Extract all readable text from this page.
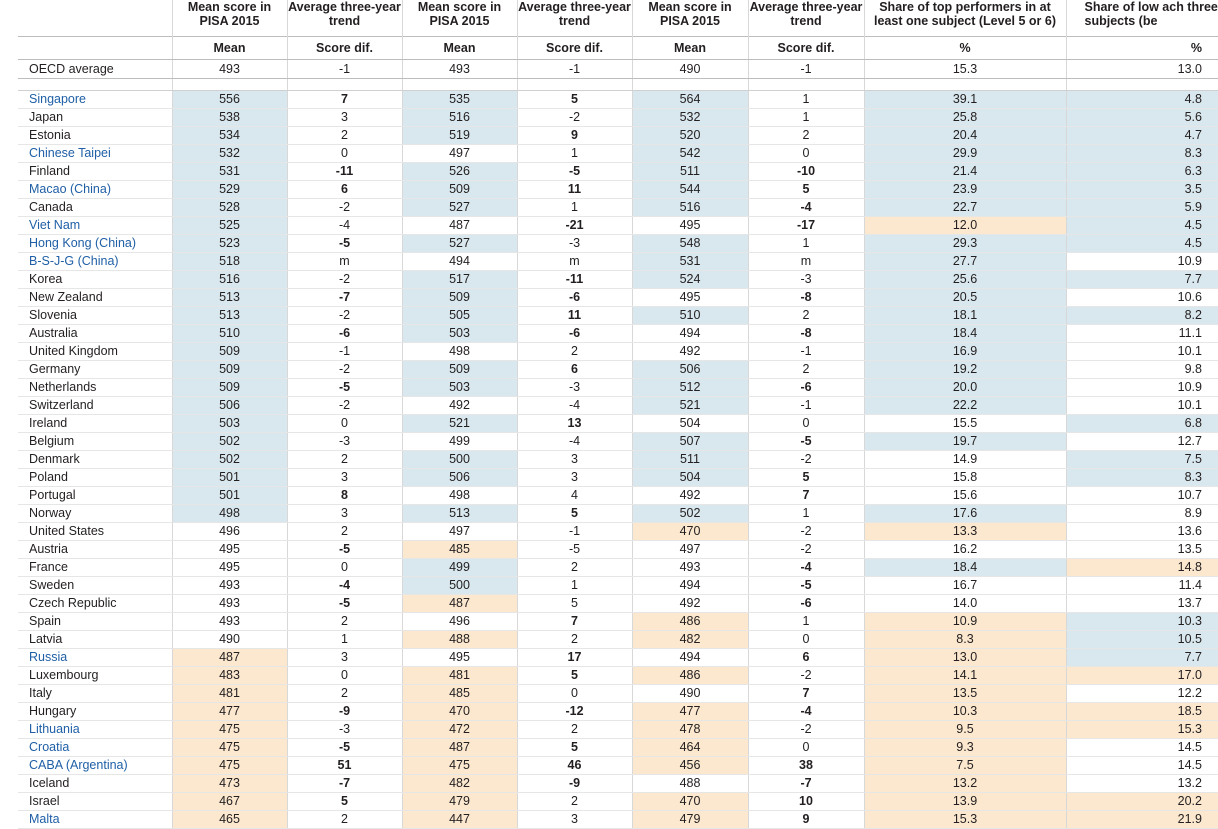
	Mean score in PISA 2015	Average three-year trend	Mean score in PISA 2015	Average three-year trend	Mean score in PISA 2015	Average three-year trend	Share of top performers in at least one subject (Level 5 or 6)	Share of low ach three subjects (be
	Mean	Score dif.	Mean	Score dif.	Mean	Score dif.	%	%
OECD average	493	-1	493	-1	490	-1	15.3	13.0

Singapore	556	7	535	5	564	1	39.1	4.8
Japan	538	3	516	-2	532	1	25.8	5.6
Estonia	534	2	519	9	520	2	20.4	4.7
Chinese Taipei	532	0	497	1	542	0	29.9	8.3
Finland	531	-11	526	-5	511	-10	21.4	6.3
Macao (China)	529	6	509	11	544	5	23.9	3.5
Canada	528	-2	527	1	516	-4	22.7	5.9
Viet Nam	525	-4	487	-21	495	-17	12.0	4.5
Hong Kong (China)	523	-5	527	-3	548	1	29.3	4.5
B-S-J-G (China)	518	m	494	m	531	m	27.7	10.9
Korea	516	-2	517	-11	524	-3	25.6	7.7
New Zealand	513	-7	509	-6	495	-8	20.5	10.6
Slovenia	513	-2	505	11	510	2	18.1	8.2
Australia	510	-6	503	-6	494	-8	18.4	11.1
United Kingdom	509	-1	498	2	492	-1	16.9	10.1
Germany	509	-2	509	6	506	2	19.2	9.8
Netherlands	509	-5	503	-3	512	-6	20.0	10.9
Switzerland	506	-2	492	-4	521	-1	22.2	10.1
Ireland	503	0	521	13	504	0	15.5	6.8
Belgium	502	-3	499	-4	507	-5	19.7	12.7
Denmark	502	2	500	3	511	-2	14.9	7.5
Poland	501	3	506	3	504	5	15.8	8.3
Portugal	501	8	498	4	492	7	15.6	10.7
Norway	498	3	513	5	502	1	17.6	8.9
United States	496	2	497	-1	470	-2	13.3	13.6
Austria	495	-5	485	-5	497	-2	16.2	13.5
France	495	0	499	2	493	-4	18.4	14.8
Sweden	493	-4	500	1	494	-5	16.7	11.4
Czech Republic	493	-5	487	5	492	-6	14.0	13.7
Spain	493	2	496	7	486	1	10.9	10.3
Latvia	490	1	488	2	482	0	8.3	10.5
Russia	487	3	495	17	494	6	13.0	7.7
Luxembourg	483	0	481	5	486	-2	14.1	17.0
Italy	481	2	485	0	490	7	13.5	12.2
Hungary	477	-9	470	-12	477	-4	10.3	18.5
Lithuania	475	-3	472	2	478	-2	9.5	15.3
Croatia	475	-5	487	5	464	0	9.3	14.5
CABA (Argentina)	475	51	475	46	456	38	7.5	14.5
Iceland	473	-7	482	-9	488	-7	13.2	13.2
Israel	467	5	479	2	470	10	13.9	20.2
Malta	465	2	447	3	479	9	15.3	21.9
